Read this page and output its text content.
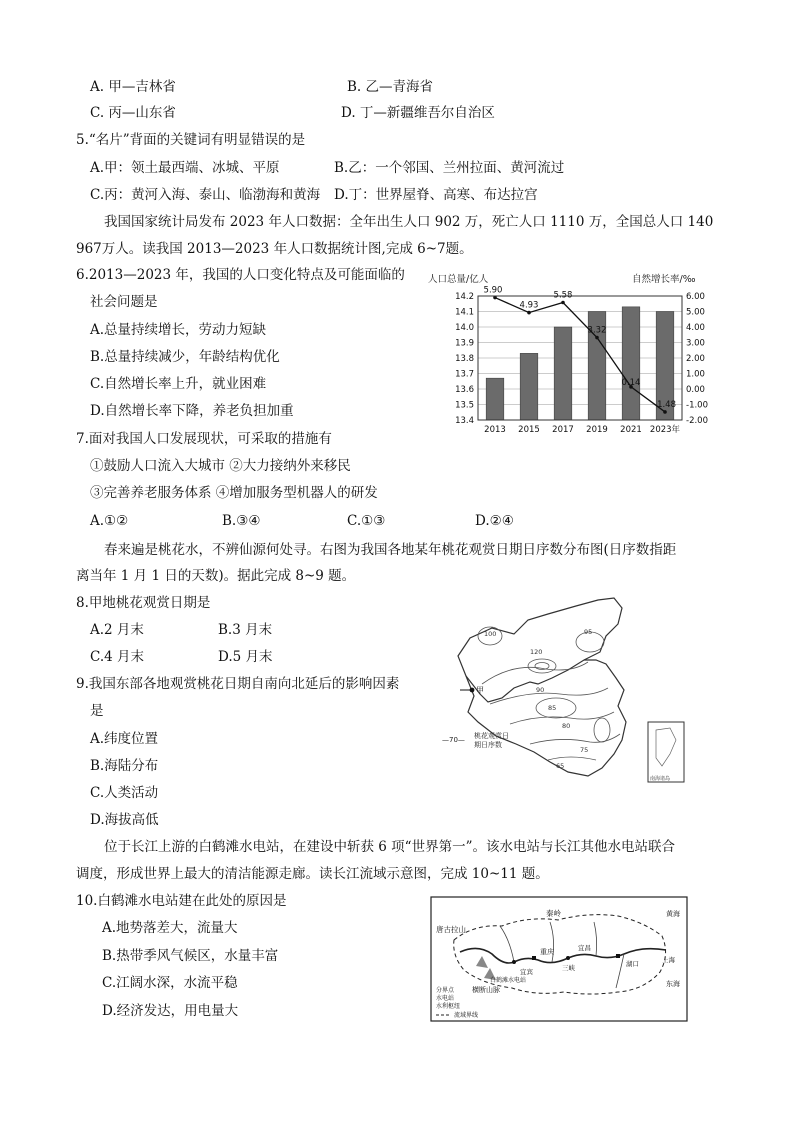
A. 甲—吉林省	B. 乙—青海省
C. 丙—山东省	D. 丁—新疆维吾尔自治区
5.“名片”背面的关键词有明显错误的是
A.甲：领土最西端、冰城、平原	B.乙：一个邻国、兰州拉面、黄河流过
C.丙：黄河入海、泰山、临渤海和黄海 D.丁：世界屋脊、高寒、布达拉宫
我国国家统计局发布 2023 年人口数据：全年出生人口 902 万，死亡人口 1110 万，全国总人口 140
967万人。读我国 2013—2023 年人口数据统计图,完成 6~7题。
6.2013—2023 年，我国的人口变化特点及可能面临的
社会问题是
A.总量持续增长，劳动力短缺
B.总量持续减少，年龄结构优化
C.自然增长率上升，就业困难
D.自然增长率下降，养老负担加重
人口总量/亿人	自然增长率/‰
5.90
4.93
5.58
3.32
0.14
-1.48
14.2
14.1
14.0
13.9
13.8
13.7
13.6
13.5
13.4
6.00
5.00
4.00
3.00
2.00
1.00
0.00
-1.00
-2.00
2013 2015 2017 2019 2021 2023年
7.面对我国人口发展现状，可采取的措施有
①鼓励人口流入大城市 ②大力接纳外来移民
③完善养老服务体系 ④增加服务型机器人的研发
A.①②	B.③④	C.①③	D.②④
春来遍是桃花水，不辨仙源何处寻。右图为我国各地某年桃花观赏日期日序数分布图(日序数指距
离当年 1 月 1 日的天数)。据此完成 8~9 题。
8.甲地桃花观赏日期是
A.2 月末	B.3 月末
C.4 月末	D.5 月末
9.我国东部各地观赏桃花日期自南向北延后的影响因素
是
A.纬度位置
B.海陆分布
C.人类活动
D.海拔高低
100
120
95
90
85
80
75
65
甲
—70— 桃花观赏日
期日序数
南海诸岛
位于长江上游的白鹤滩水电站，在建设中斩获 6 项“世界第一”。该水电站与长江其他水电站联合
调度，形成世界上最大的清洁能源走廊。读长江流域示意图，完成 10~11 题。
10.白鹤滩水电站建在此处的原因是
A.地势落差大，流量大
B.热带季风气候区，水量丰富
C.江阔水深，水流平稳
D.经济发达，用电量大
唐古拉山
横断山脉
秦岭
宜宾
重庆	宜昌
湖口	上海
东海
黄海
白鹤滩水电站
三峡
分界点
水电站
水利枢纽
流域界线
